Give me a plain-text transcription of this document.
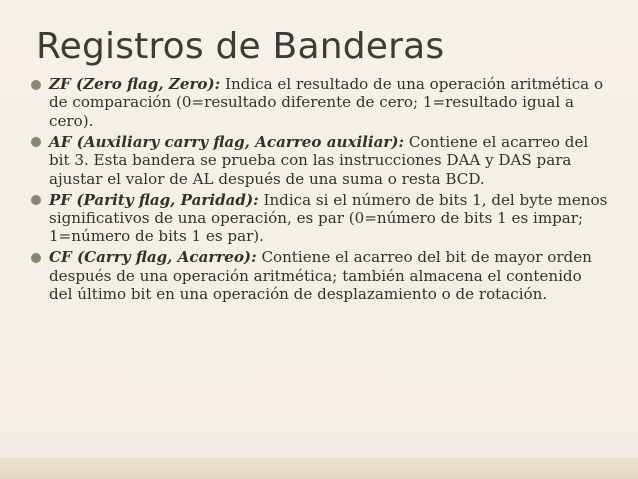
Registros de Banderas
ZF (Zero flag, Zero): Indica el resultado de una operación aritmética o de comparación (0=resultado diferente de cero; 1=resultado igual a cero).
AF (Auxiliary carry flag, Acarreo auxiliar): Contiene el acarreo del bit 3. Esta bandera se prueba con las instrucciones DAA y DAS para ajustar el valor de AL después de una suma o resta BCD.
PF (Parity flag, Paridad): Indica si el número de bits 1, del byte menos significativos de una operación, es par (0=número de bits 1 es impar; 1=número de bits 1 es par).
CF (Carry flag, Acarreo): Contiene el acarreo del bit de mayor orden después de una operación aritmética; también almacena el contenido del último bit en una operación de desplazamiento o de rotación.
